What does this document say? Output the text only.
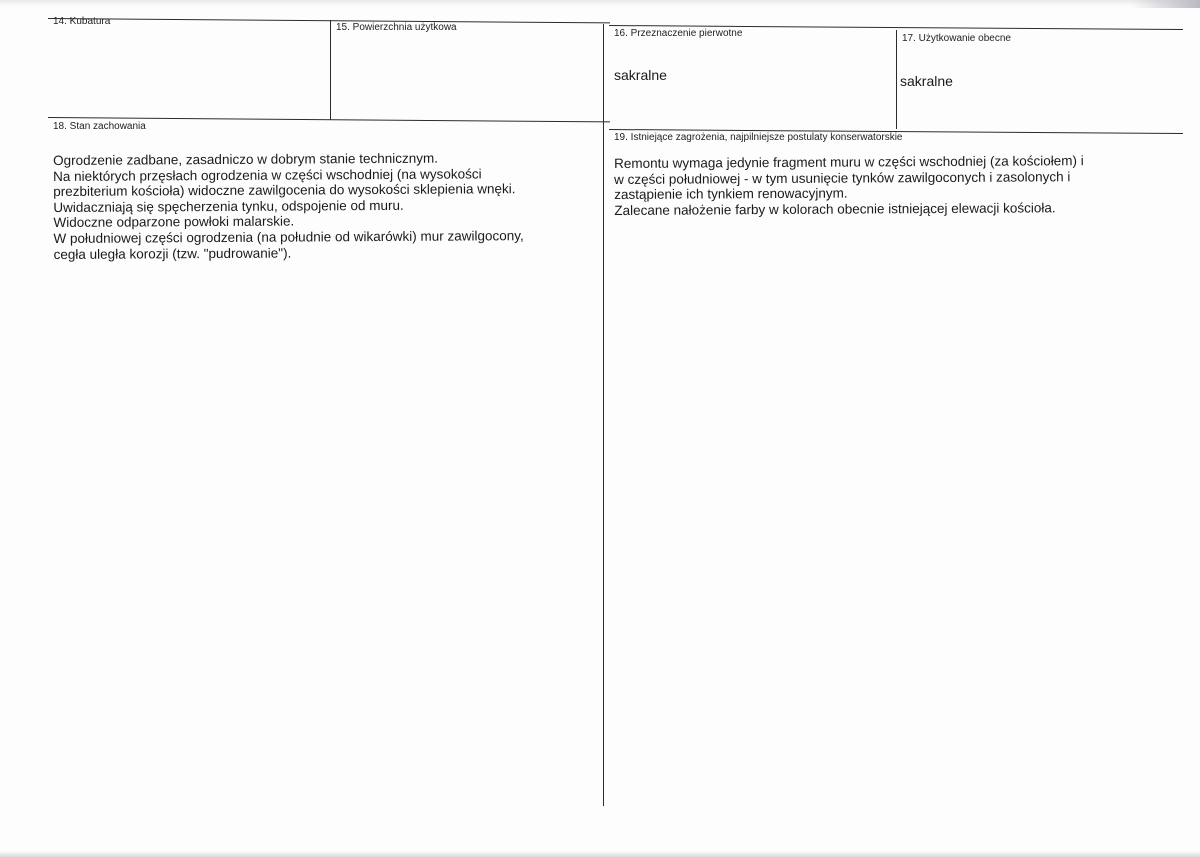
14. Kubatura
15. Powierzchnia użytkowa
16. Przeznaczenie pierwotne
sakralne
17. Użytkowanie obecne
sakralne
18. Stan zachowania
Ogrodzenie zadbane, zasadniczo w dobrym stanie technicznym.
Na niektórych przęsłach ogrodzenia w części wschodniej (na wysokości
prezbiterium kościoła) widoczne zawilgocenia do wysokości sklepienia wnęki.
Uwidaczniają się spęcherzenia tynku, odspojenie od muru.
Widoczne odparzone powłoki malarskie.
W południowej części ogrodzenia (na południe od wikarówki) mur zawilgocony,
cegła uległa korozji (tzw. "pudrowanie").
19. Istniejące zagrożenia, najpilniejsze postulaty konserwatorskie
Remontu wymaga jedynie fragment muru w części wschodniej (za kościołem) i
w części południowej - w tym usunięcie tynków zawilgoconych i zasolonych i
zastąpienie ich tynkiem renowacyjnym.
Zalecane nałożenie farby w kolorach obecnie istniejącej elewacji kościoła.
